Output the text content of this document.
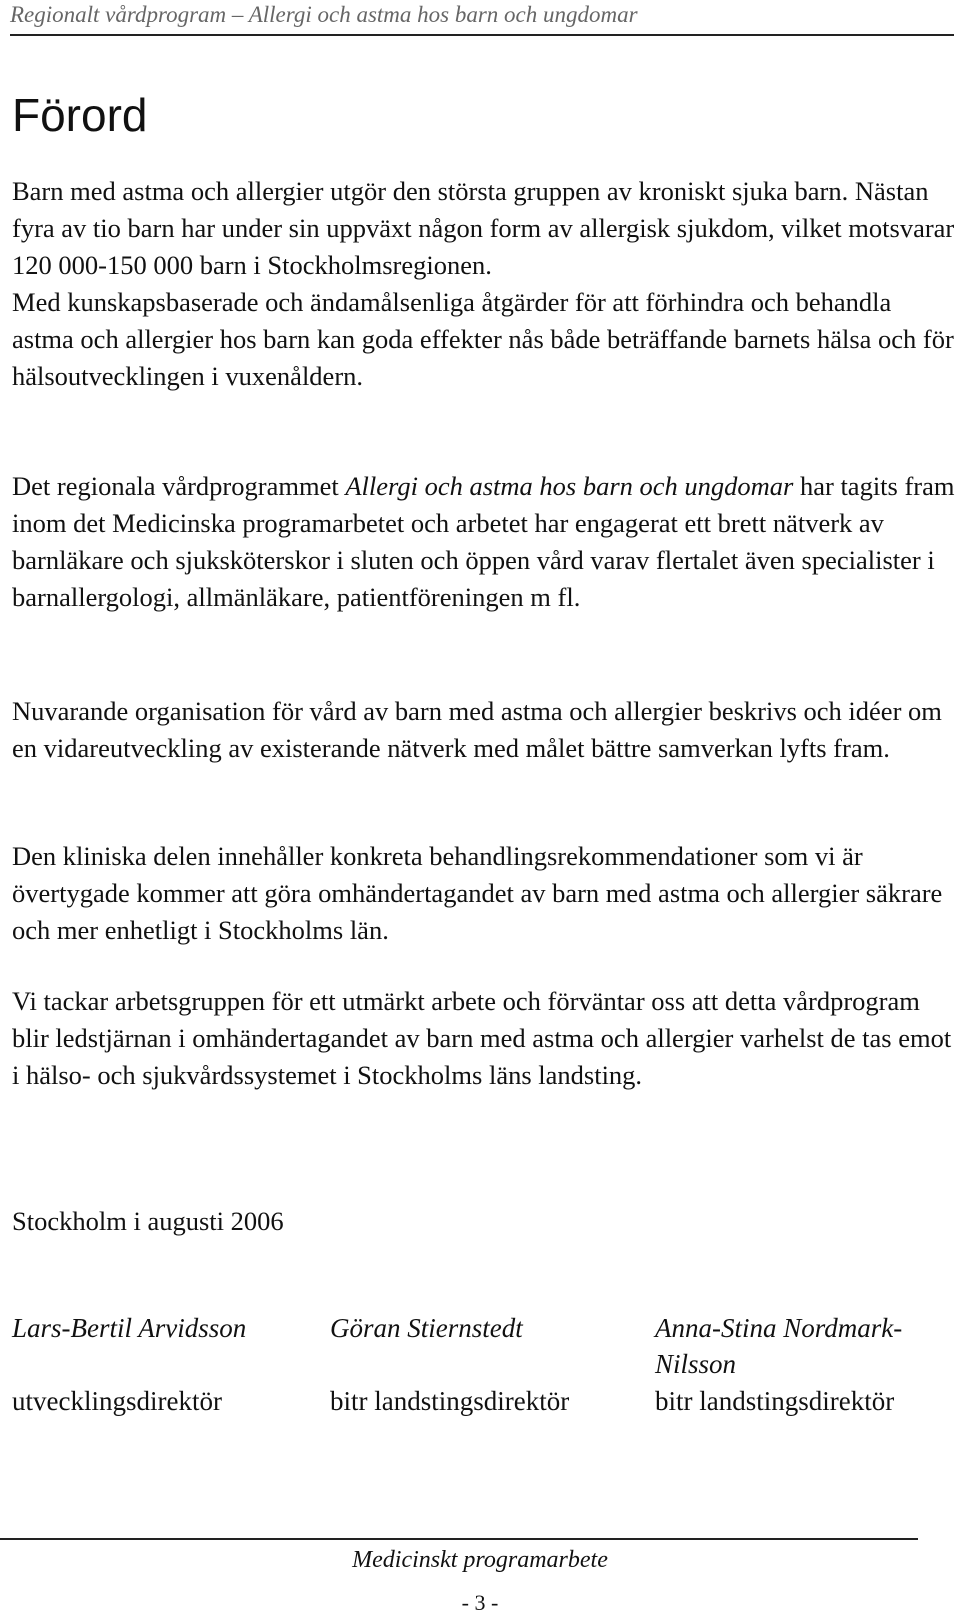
Regionalt vårdprogram – Allergi och astma hos barn och ungdomar
Förord

Barn med astma och allergier utgör den största gruppen av kroniskt sjuka barn. Nästan fyra av tio barn har under sin uppväxt någon form av allergisk sjukdom, vilket motsvarar 120 000-150 000 barn i Stockholmsregionen.
Med kunskapsbaserade och ändamålsenliga åtgärder för att förhindra och behandla astma och allergier hos barn kan goda effekter nås både beträffande barnets hälsa och för hälsoutvecklingen i vuxenåldern.

Det regionala vårdprogrammet Allergi och astma hos barn och ungdomar har tagits fram inom det Medicinska programarbetet och arbetet har engagerat ett brett nätverk av barnläkare och sjuksköterskor i sluten och öppen vård varav flertalet även specialister i barnallergologi, allmänläkare, patientföreningen m fl.

Nuvarande organisation för vård av barn med astma och allergier beskrivs och idéer om en vidareutveckling av existerande nätverk med målet bättre samverkan lyfts fram.

Den kliniska delen innehåller konkreta behandlingsrekommendationer som vi är övertygade kommer att göra omhändertagandet av barn med astma och allergier säkrare och mer enhetligt i Stockholms län.

Vi tackar arbetsgruppen för ett utmärkt arbete och förväntar oss att detta vårdprogram blir ledstjärnan i omhändertagandet av barn med astma och allergier varhelst de tas emot i hälso- och sjukvårdssystemet i Stockholms läns landsting.

Stockholm i augusti 2006

Lars-Bertil Arvidsson	Göran Stiernstedt	Anna-Stina Nordmark-Nilsson
utvecklingsdirektör	bitr landstingsdirektör	bitr landstingsdirektör
Medicinskt programarbete
- 3 -
